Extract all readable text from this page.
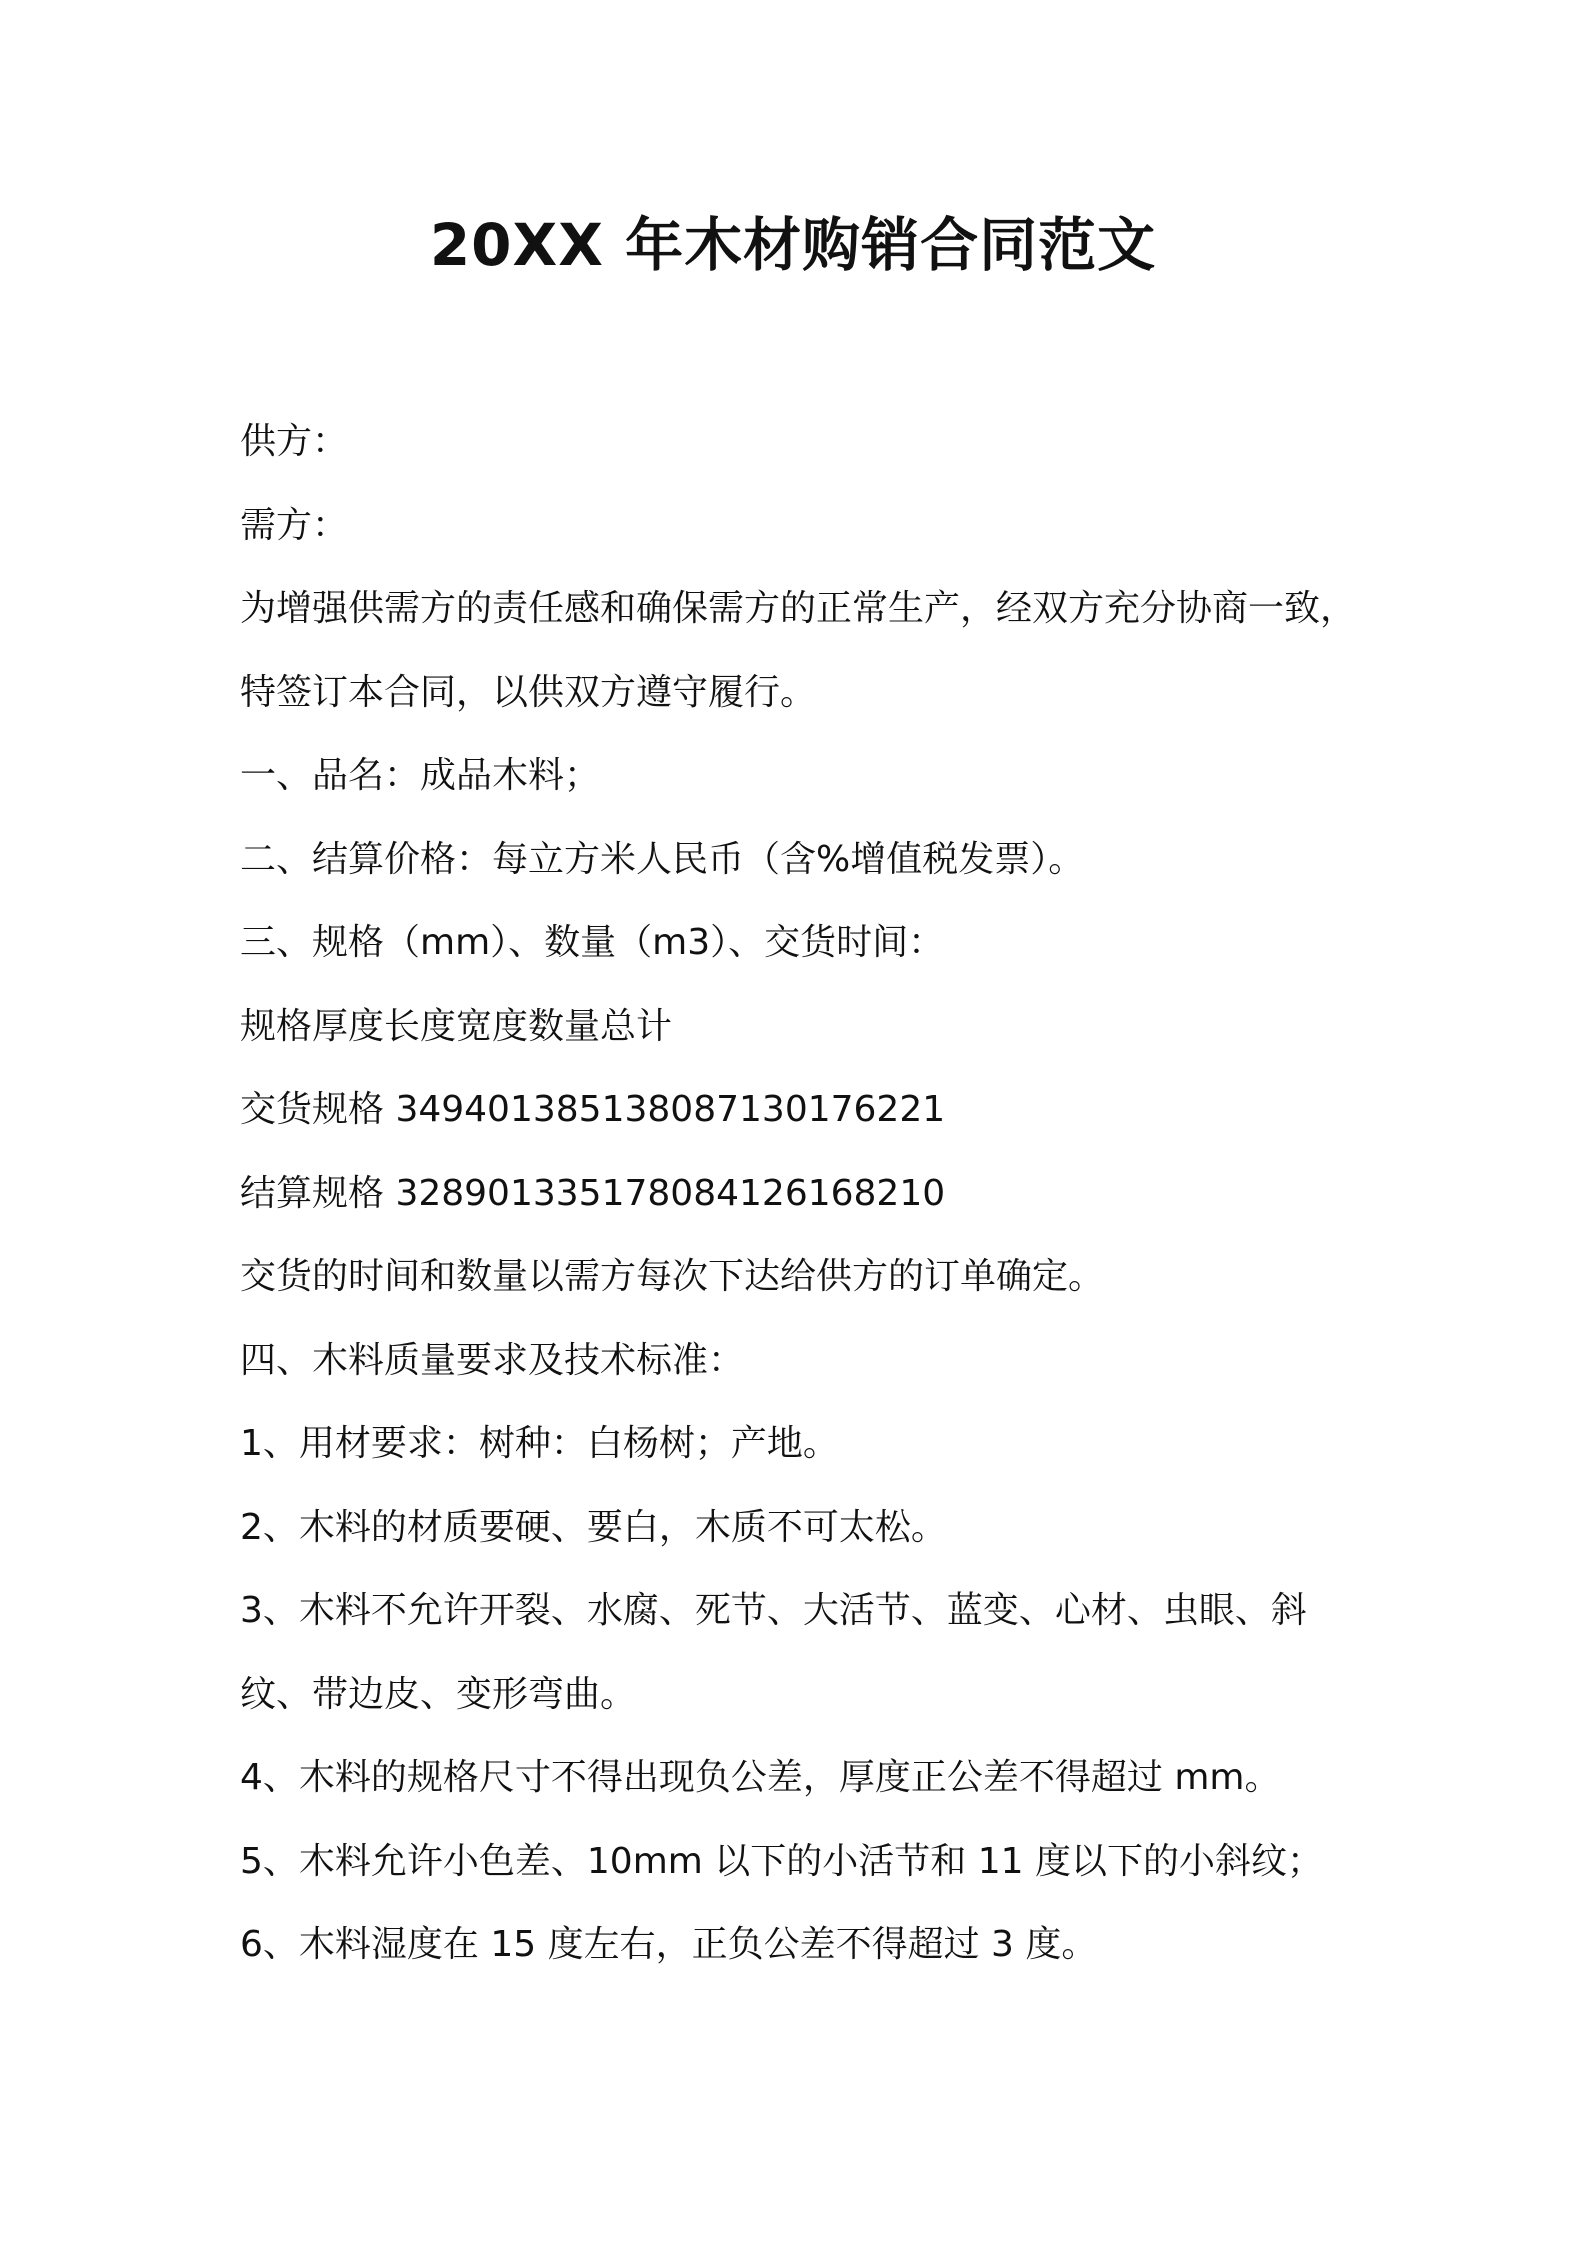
20XX 年木材购销合同范文

供方：

需方：

为增强供需方的责任感和确保需方的正常生产，经双方充分协商一致，

特签订本合同，以供双方遵守履行。

一、品名：成品木料；

二、结算价格：每立方米人民币（含%增值税发票）。

三、规格（mm）、数量（m3）、交货时间：

规格厚度长度宽度数量总计

交货规格 349401385138087130176221

结算规格 328901335178084126168210

交货的时间和数量以需方每次下达给供方的订单确定。

四、木料质量要求及技术标准：

1、用材要求：树种：白杨树；产地。

2、木料的材质要硬、要白，木质不可太松。

3、木料不允许开裂、水腐、死节、大活节、蓝变、心材、虫眼、斜

纹、带边皮、变形弯曲。

4、木料的规格尺寸不得出现负公差，厚度正公差不得超过 mm。

5、木料允许小色差、10mm 以下的小活节和 11 度以下的小斜纹；

6、木料湿度在 15 度左右，正负公差不得超过 3 度。
